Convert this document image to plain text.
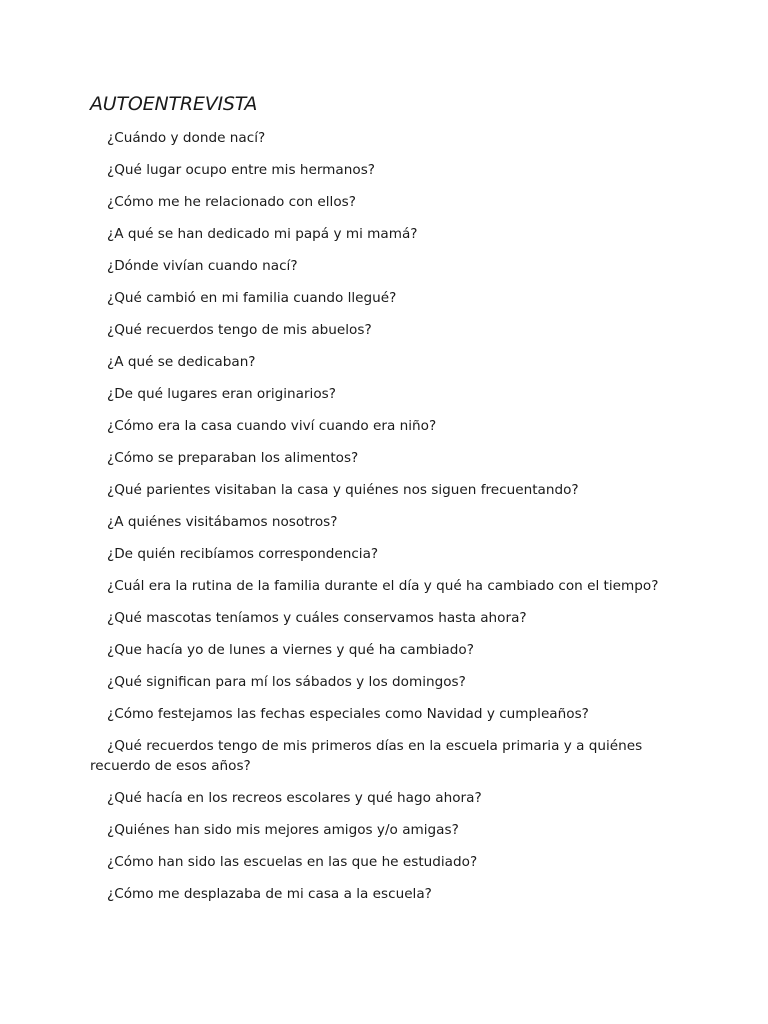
AUTOENTREVISTA
¿Cuándo y donde nací?
¿Qué lugar ocupo entre mis hermanos?
¿Cómo me he relacionado con ellos?
¿A qué se han dedicado mi papá y mi mamá?
¿Dónde vivían cuando nací?
¿Qué cambió en mi familia cuando llegué?
¿Qué recuerdos tengo de mis abuelos?
¿A qué se dedicaban?
¿De qué lugares eran originarios?
¿Cómo era la casa cuando viví cuando era niño?
¿Cómo se preparaban los alimentos?
¿Qué parientes visitaban la casa y quiénes nos siguen frecuentando?
¿A quiénes visitábamos nosotros?
¿De quién recibíamos correspondencia?
¿Cuál era la rutina de la familia durante el día y qué ha cambiado con el tiempo?
¿Qué mascotas teníamos y cuáles conservamos hasta ahora?
¿Que hacía yo de lunes a viernes y qué ha cambiado?
¿Qué significan para mí los sábados y los domingos?
¿Cómo festejamos las fechas especiales como Navidad y cumpleaños?
¿Qué recuerdos tengo de mis primeros días en la escuela primaria y a quiénes recuerdo de esos años?
¿Qué hacía en los recreos escolares y qué hago ahora?
¿Quiénes han sido mis mejores amigos y/o amigas?
¿Cómo han sido las escuelas en las que he estudiado?
¿Cómo me desplazaba de mi casa a la escuela?
